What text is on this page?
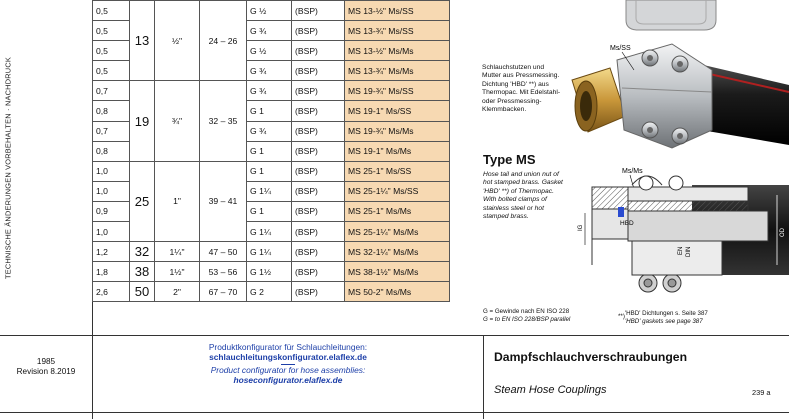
TECHNISCHE ÄNDERUNGEN VORBEHALTEN · NACHDRUCK
0,5	13	½"	24 – 26	G ½	(BSP)	MS 13-½" Ms/SS
0,5				G ¾	(BSP)	MS 13-¾" Ms/SS
0,5				G ½	(BSP)	MS 13-½" Ms/Ms
0,5				G ¾	(BSP)	MS 13-¾" Ms/Ms
0,7	19	¾"	32 – 35	G ¾	(BSP)	MS 19-¾" Ms/SS
0,8				G 1	(BSP)	MS 19-1" Ms/SS
0,7				G ¾	(BSP)	MS 19-¾" Ms/Ms
0,8				G 1	(BSP)	MS 19-1" Ms/Ms
1,0	25	1"	39 – 41	G 1	(BSP)	MS 25-1" Ms/SS
1,0				G 1¼	(BSP)	MS 25-1¼" Ms/SS
0,9				G 1	(BSP)	MS 25-1" Ms/Ms
1,0				G 1¼	(BSP)	MS 25-1¼" Ms/Ms
1,2	32	1¼"	47 – 50	G 1¼	(BSP)	MS 32-1¼" Ms/Ms
1,8	38	1½"	53 – 56	G 1½	(BSP)	MS 38-1½" Ms/Ms
2,6	50	2"	67 – 70	G 2	(BSP)	MS 50-2" Ms/Ms
Ms/SS
Schlauchstutzen und Mutter aus Pressmessing. Dichtung 'HBD' **) aus Thermopac. Mit Edelstahl- oder Pressmessing-Klemmbacken.
Type MS
Hose tail and union nut of hot stamped brass. Gasket 'HBD' **) of Thermopac. With bolted clamps of stainless steel or hot stamped brass.
Ms/Ms
IG
HBD
EN DIN
OD
G = Gewinde nach EN ISO 228
G = to EN ISO 228/BSP parallel	**) 'HBD' Dichtungen s. Seite 387
'HBD' gaskets see page 387
1985
Revision 8.2019
Produktkonfigurator für Schlauchleitungen:
schlauchleitungskonfigurator.elaflex.de
Product configurator for hose assemblies:
hoseconfigurator.elaflex.de
Dampfschlauchverschraubungen
Steam Hose Couplings	239 a
